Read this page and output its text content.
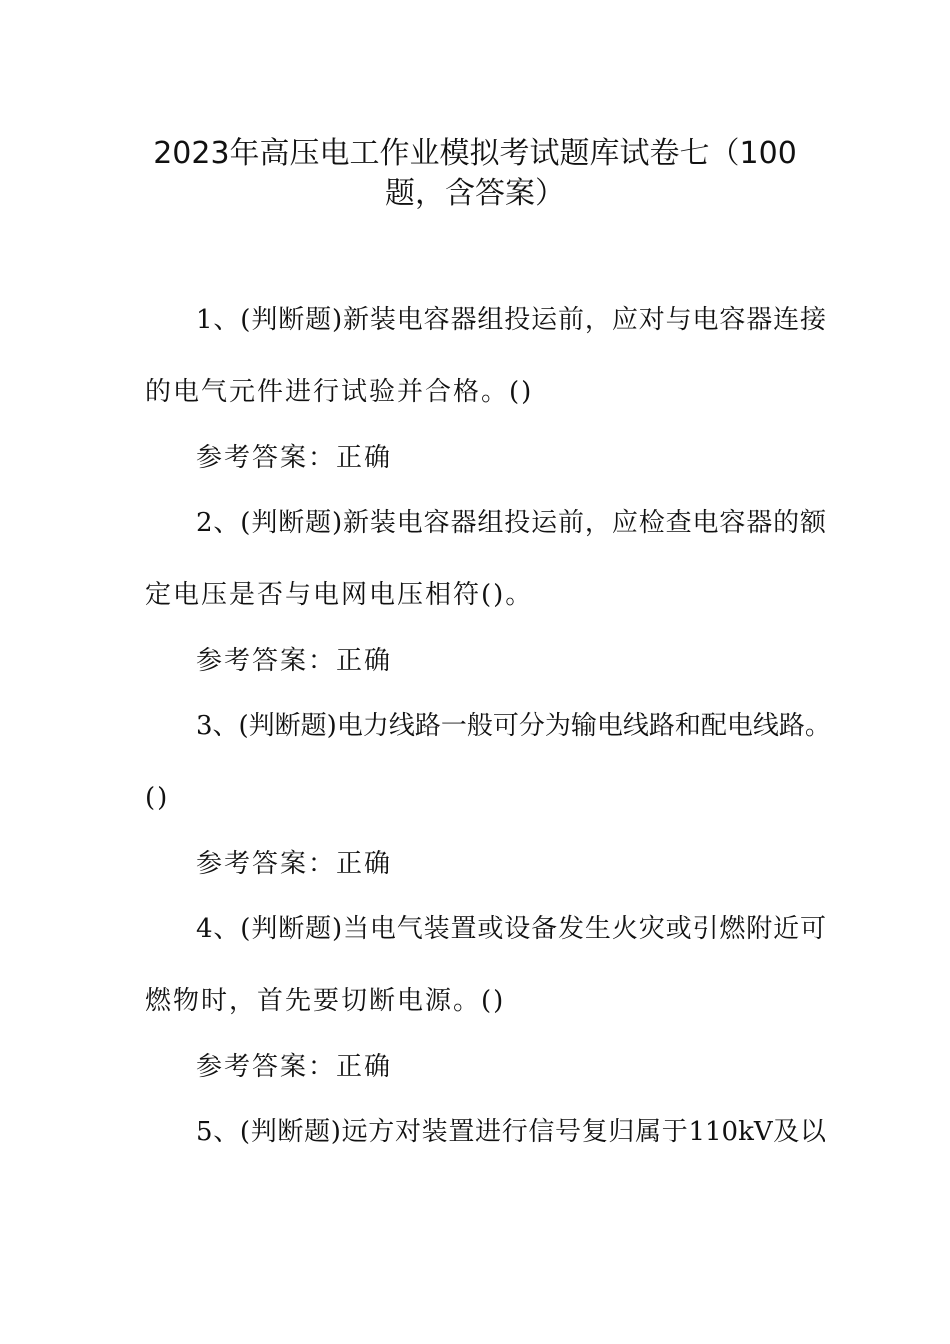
2023年高压电工作业模拟考试题库试卷七（100
题，含答案）
1、(判断题)新装电容器组投运前，应对与电容器连接
的电气元件进行试验并合格。()
参考答案：正确
2、(判断题)新装电容器组投运前，应检查电容器的额
定电压是否与电网电压相符()。
参考答案：正确
3、(判断题)电力线路一般可分为输电线路和配电线路。
()
参考答案：正确
4、(判断题)当电气装置或设备发生火灾或引燃附近可
燃物时，首先要切断电源。()
参考答案：正确
5、(判断题)远方对装置进行信号复归属于110kV及以
